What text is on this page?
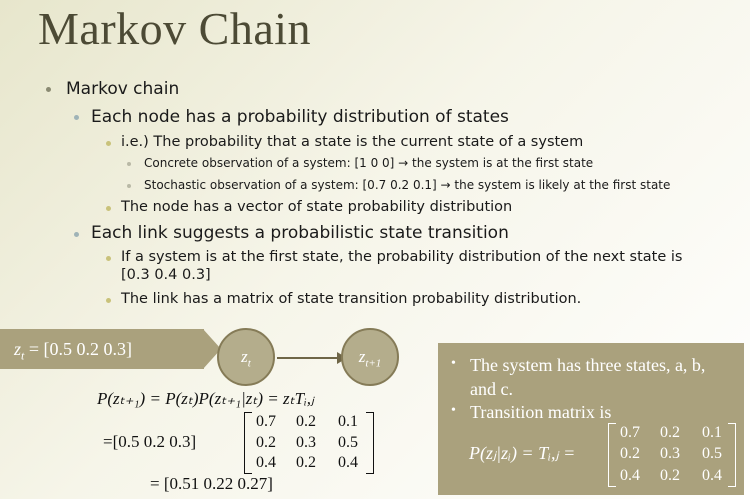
Markov Chain
Markov chain
Each node has a probability distribution of states
i.e.) The probability that a state is the current state of a system
Concrete observation of a system: [1 0 0] → the system is at the first state
Stochastic observation of a system: [0.7 0.2 0.1] → the system is likely at the first state
The node has a vector of state probability distribution
Each link suggests a probabilistic state transition
If a system is at the first state, the probability distribution of the next state is
[0.3 0.4 0.3]
The link has a matrix of state transition probability distribution.
$z_t = [0.5$ 0.2 0.3]	$z_t$	$z_{t+1}$
P(zₜ₊₁) = P(zₜ)P(zₜ₊₁|zₜ) = zₜTᵢ,ⱼ
=[0.5 0.2 0.3]
0.7 0.2 0.1
0.2 0.3 0.5
0.4 0.2 0.4
= [0.51 0.22 0.27]
• The system has three states, a, b,
and c.
• Transition matrix is
P(zⱼ|zᵢ) = Tᵢ,ⱼ =
0.7 0.2 0.1
0.2 0.3 0.5
0.4 0.2 0.4
